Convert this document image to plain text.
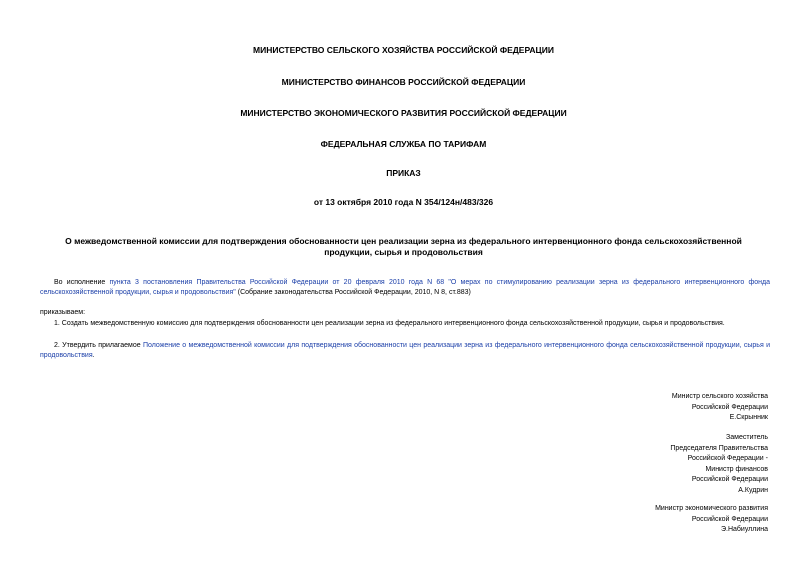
МИНИСТЕРСТВО СЕЛЬСКОГО ХОЗЯЙСТВА РОССИЙСКОЙ ФЕДЕРАЦИИ
МИНИСТЕРСТВО ФИНАНСОВ РОССИЙСКОЙ ФЕДЕРАЦИИ
МИНИСТЕРСТВО ЭКОНОМИЧЕСКОГО РАЗВИТИЯ РОССИЙСКОЙ ФЕДЕРАЦИИ
ФЕДЕРАЛЬНАЯ СЛУЖБА ПО ТАРИФАМ
ПРИКАЗ
от 13 октября 2010 года N 354/124н/483/326
О межведомственной комиссии для подтверждения обоснованности цен реализации зерна из федерального интервенционного фонда сельскохозяйственной продукции, сырья и продовольствия
Во исполнение пункта 3 постановления Правительства Российской Федерации от 20 февраля 2010 года N 68 "О мерах по стимулированию реализации зерна из федерального интервенционного фонда сельскохозяйственной продукции, сырья и продовольствия" (Собрание законодательства Российской Федерации, 2010, N 8, ст.883)
приказываем:
1. Создать межведомственную комиссию для подтверждения обоснованности цен реализации зерна из федерального интервенционного фонда сельскохозяйственной продукции, сырья и продовольствия.
2. Утвердить прилагаемое Положение о межведомственной комиссии для подтверждения обоснованности цен реализации зерна из федерального интервенционного фонда сельскохозяйственной продукции, сырья и продовольствия.
Министр сельского хозяйства
Российской Федерации
Е.Скрынник
Заместитель
Председателя Правительства
Российской Федерации -
Министр финансов
Российской Федерации
А.Кудрин
Министр экономического развития
Российской Федерации
Э.Набиуллина
